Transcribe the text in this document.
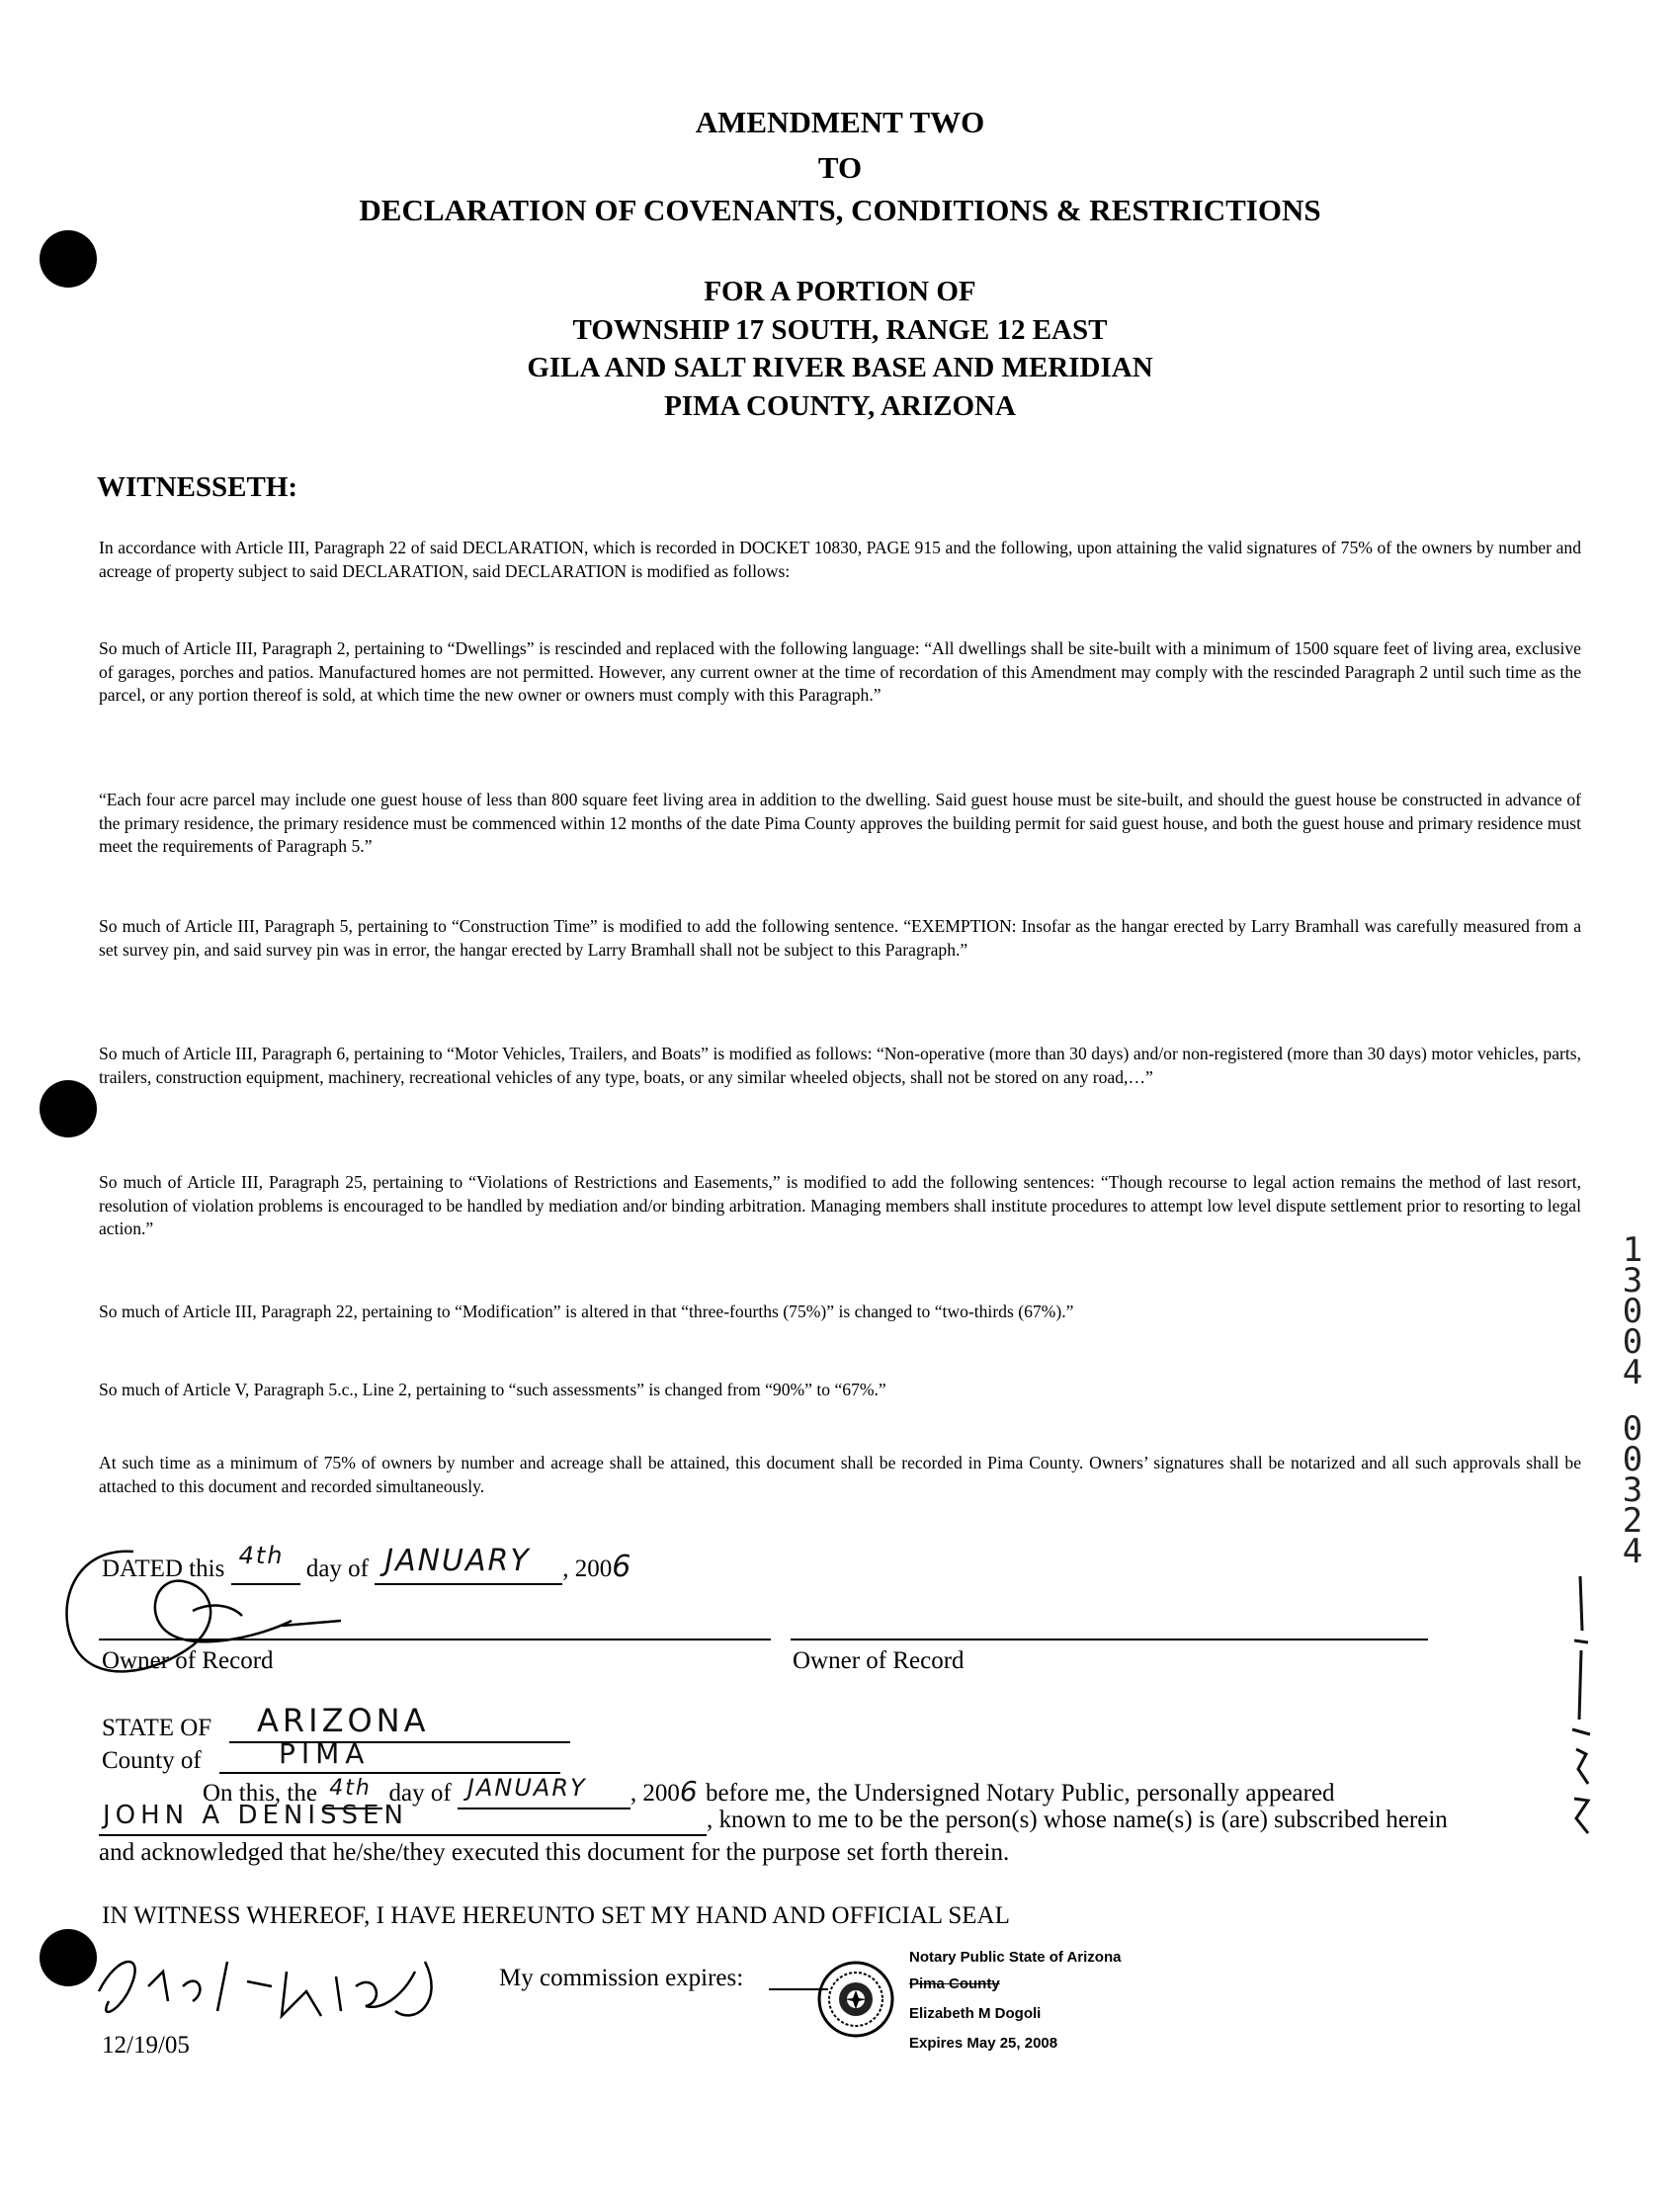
AMENDMENT TWO
TO
DECLARATION OF COVENANTS, CONDITIONS & RESTRICTIONS
FOR A PORTION OF
TOWNSHIP 17 SOUTH, RANGE 12 EAST
GILA AND SALT RIVER BASE AND MERIDIAN
PIMA COUNTY, ARIZONA
WITNESSETH:
In accordance with Article III, Paragraph 22 of said DECLARATION, which is recorded in DOCKET 10830, PAGE 915 and the following, upon attaining the valid signatures of 75% of the owners by number and acreage of property subject to said DECLARATION, said DECLARATION is modified as follows:
So much of Article III, Paragraph 2, pertaining to “Dwellings” is rescinded and replaced with the following language: “All dwellings shall be site-built with a minimum of 1500 square feet of living area, exclusive of garages, porches and patios. Manufactured homes are not permitted. However, any current owner at the time of recordation of this Amendment may comply with the rescinded Paragraph 2 until such time as the parcel, or any portion thereof is sold, at which time the new owner or owners must comply with this Paragraph.”
“Each four acre parcel may include one guest house of less than 800 square feet living area in addition to the dwelling. Said guest house must be site-built, and should the guest house be constructed in advance of the primary residence, the primary residence must be commenced within 12 months of the date Pima County approves the building permit for said guest house, and both the guest house and primary residence must meet the requirements of Paragraph 5.”
So much of Article III, Paragraph 5, pertaining to “Construction Time” is modified to add the following sentence. “EXEMPTION: Insofar as the hangar erected by Larry Bramhall was carefully measured from a set survey pin, and said survey pin was in error, the hangar erected by Larry Bramhall shall not be subject to this Paragraph.”
So much of Article III, Paragraph 6, pertaining to “Motor Vehicles, Trailers, and Boats” is modified as follows: “Non-operative (more than 30 days) and/or non-registered (more than 30 days) motor vehicles, parts, trailers, construction equipment, machinery, recreational vehicles of any type, boats, or any similar wheeled objects, shall not be stored on any road,…”
So much of Article III, Paragraph 25, pertaining to “Violations of Restrictions and Easements,” is modified to add the following sentences: “Though recourse to legal action remains the method of last resort, resolution of violation problems is encouraged to be handled by mediation and/or binding arbitration. Managing members shall institute procedures to attempt low level dispute settlement prior to resorting to legal action.”
So much of Article III, Paragraph 22, pertaining to “Modification” is altered in that “three-fourths (75%)” is changed to “two-thirds (67%).”
So much of Article V, Paragraph 5.c., Line 2, pertaining to “such assessments” is changed from “90%” to “67%.”
At such time as a minimum of 75% of owners by number and acreage shall be attained, this document shall be recorded in Pima County. Owners’ signatures shall be notarized and all such approvals shall be attached to this document and recorded simultaneously.
1
3
0
0
4
0
0
3
2
4
DATED this 4th day of JANUARY , 2006
Owner of Record	Owner of Record
STATE OF ARIZONA
County of	PIMA
On this, the 4th day of JANUARY , 2006 before me, the Undersigned Notary Public, personally appeared
JOHN A DENISSEN	, known to me to be the person(s) whose name(s) is (are) subscribed herein
and acknowledged that he/she/they executed this document for the purpose set forth therein.
IN WITNESS WHEREOF, I HAVE HEREUNTO SET MY HAND AND OFFICIAL SEAL
My commission expires:
Notary Public State of Arizona
Pima County
Elizabeth M Dogoli
Expires May 25, 2008
12/19/05
